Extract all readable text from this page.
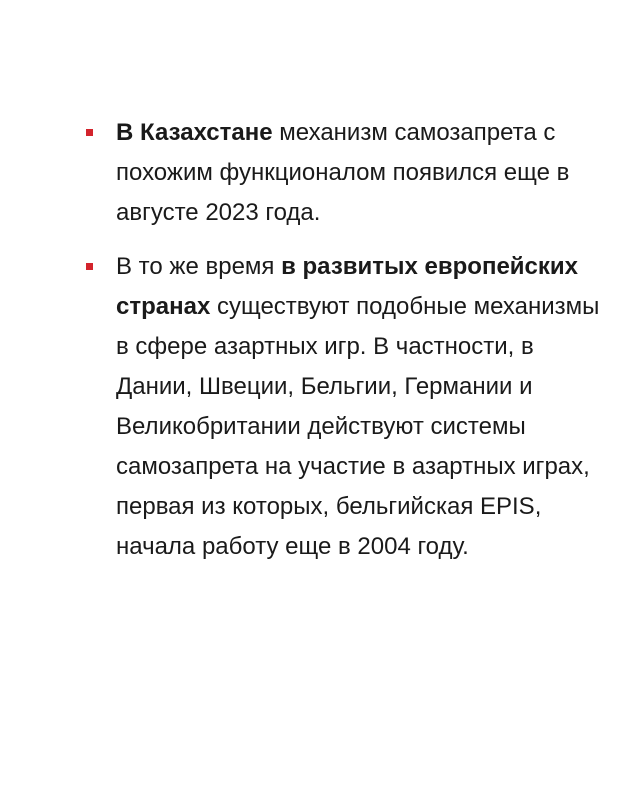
В Казахстане механизм самозапрета с похожим функционалом появился еще в августе 2023 года.
В то же время в развитых европейских странах существуют подобные механизмы в сфере азартных игр. В частности, в Дании, Швеции, Бельгии, Германии и Великобритании действуют системы самозапрета на участие в азартных играх, первая из которых, бельгийская EPIS, начала работу еще в 2004 году.
